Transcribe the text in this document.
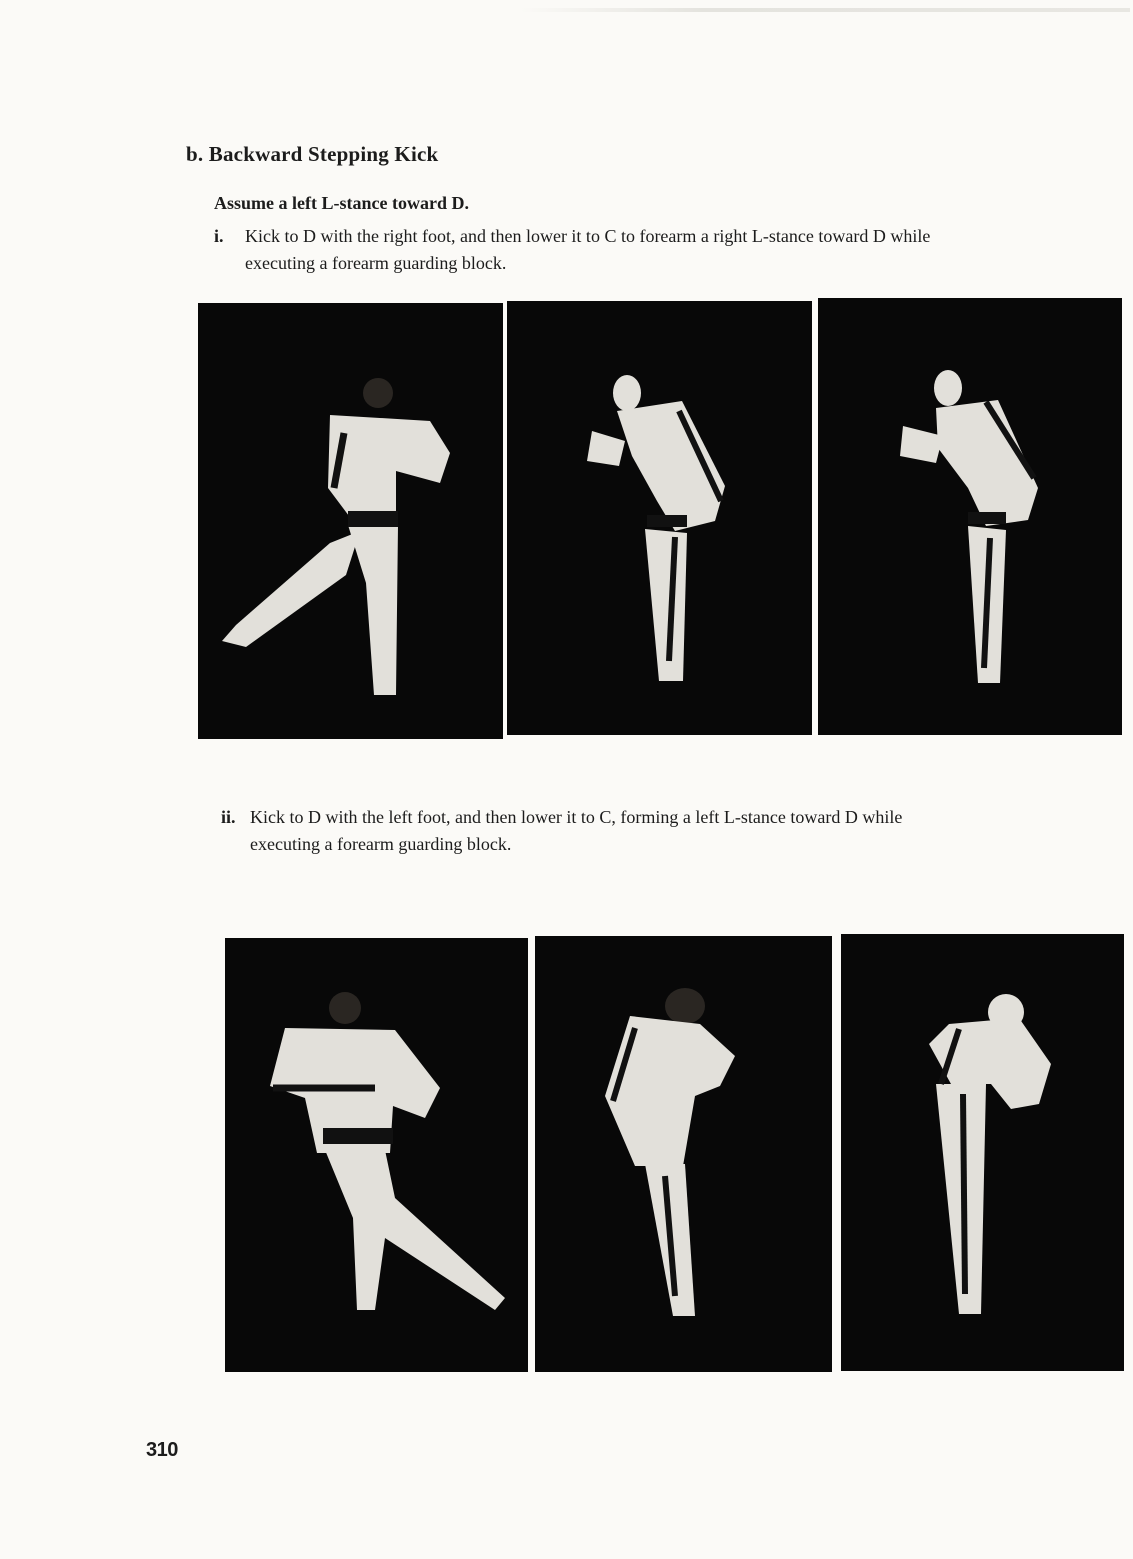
b. Backward Stepping Kick
Assume a left L-stance toward D.
i.	Kick to D with the right foot, and then lower it to C to forearm a right L-stance toward D while executing a forearm guarding block.
ii. Kick to D with the left foot, and then lower it to C, forming a left L-stance toward D while executing a forearm guarding block.
310
